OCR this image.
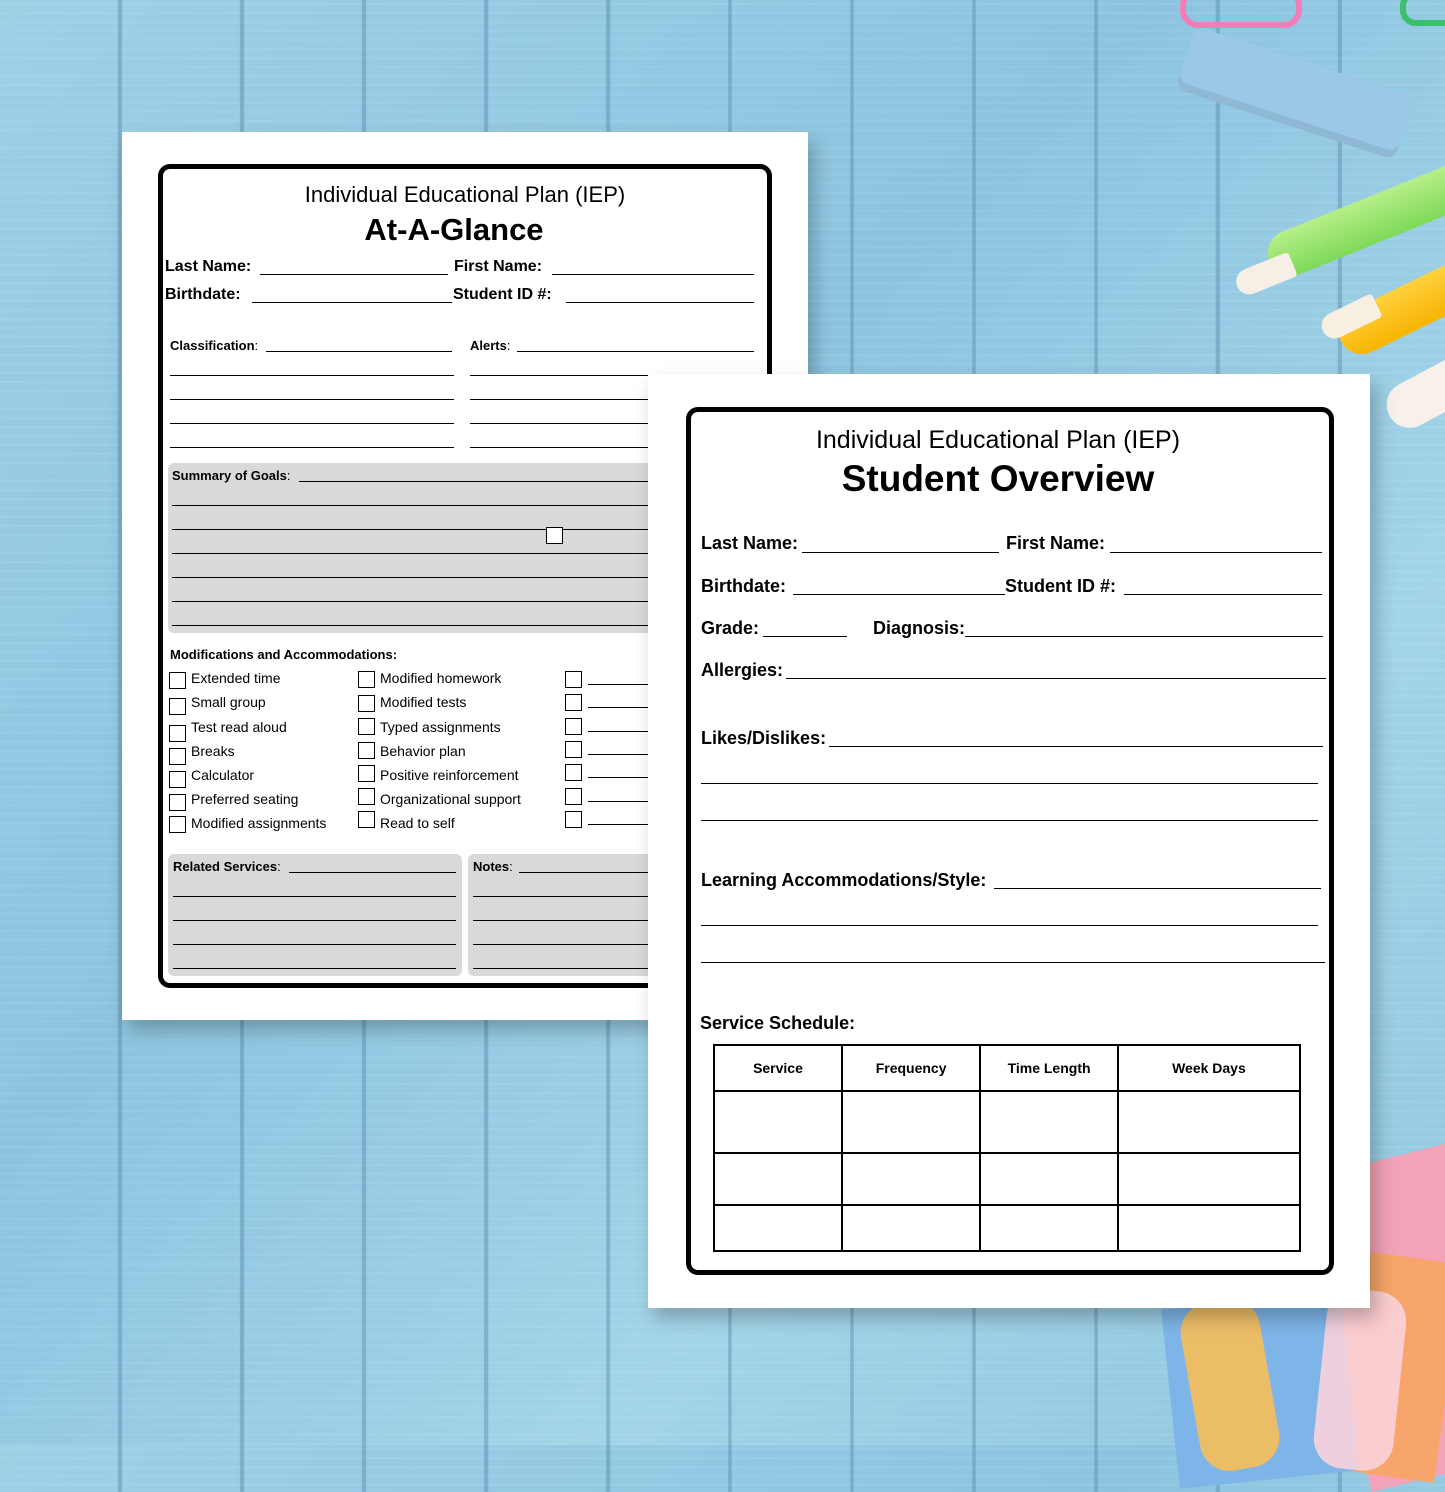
Individual Educational Plan (IEP)
At-A-Glance
Last Name:	First Name:
Birthdate:	Student ID #:
Classification:	Alerts:
Summary of Goals:
Modifications and Accommodations:
Extended time
Small group
Test read aloud
Breaks
Calculator
Preferred seating
Modified assignments
Modified homework
Modified tests
Typed assignments
Behavior plan
Positive reinforcement
Organizational support
Read to self
Related Services:	Notes:
Individual Educational Plan (IEP)
Student Overview
Last Name:	First Name:
Birthdate:	Student ID #:
Grade:	Diagnosis:
Allergies:
Likes/Dislikes:
Learning Accommodations/Style:
Service Schedule:
Service	Frequency	Time Length	Week Days
